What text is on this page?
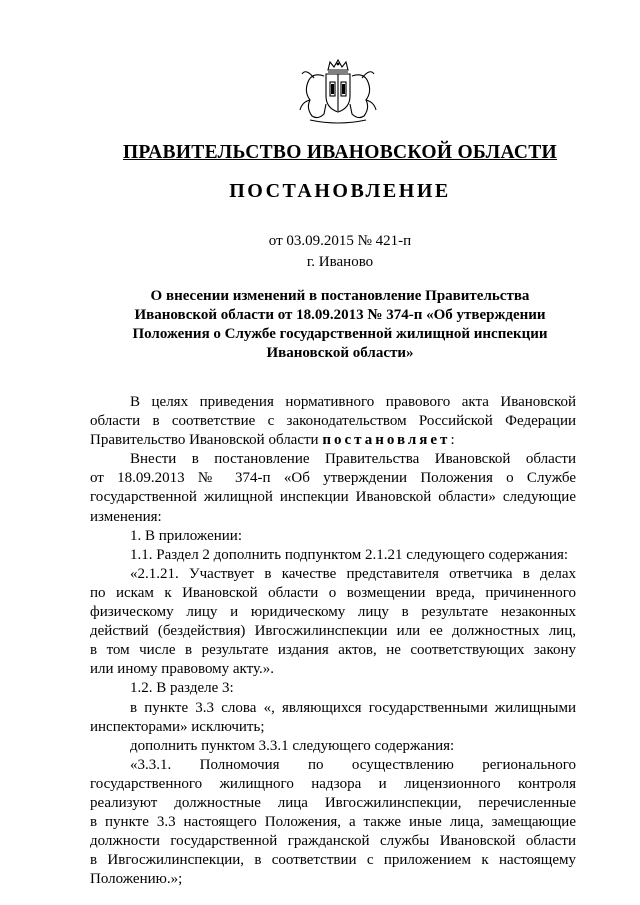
ПРАВИТЕЛЬСТВО ИВАНОВСКОЙ ОБЛАСТИ
ПОСТАНОВЛЕНИЕ
от 03.09.2015 № 421-п
г. Иваново
О внесении изменений в постановление Правительства
Ивановской области от 18.09.2013 № 374-п «Об утверждении
Положения о Службе государственной жилищной инспекции
Ивановской области»
В целях приведения нормативного правового акта Ивановской
области в соответствие с законодательством Российской Федерации
Правительство Ивановской области постановляет:
Внести в постановление Правительства Ивановской области
от 18.09.2013 № 374-п «Об утверждении Положения о Службе
государственной жилищной инспекции Ивановской области» следующие
изменения:
1. В приложении:
1.1. Раздел 2 дополнить подпунктом 2.1.21 следующего содержания:
«2.1.21. Участвует в качестве представителя ответчика в делах
по искам к Ивановской области о возмещении вреда, причиненного
физическому лицу и юридическому лицу в результате незаконных
действий (бездействия) Ивгосжилинспекции или ее должностных лиц,
в том числе в результате издания актов, не соответствующих закону
или иному правовому акту.».
1.2. В разделе 3:
в пункте 3.3 слова «, являющихся государственными жилищными
инспекторами» исключить;
дополнить пунктом 3.3.1 следующего содержания:
«3.3.1. Полномочия по осуществлению регионального
государственного жилищного надзора и лицензионного контроля
реализуют должностные лица Ивгосжилинспекции, перечисленные
в пункте 3.3 настоящего Положения, а также иные лица, замещающие
должности государственной гражданской службы Ивановской области
в Ивгосжилинспекции, в соответствии с приложением к настоящему
Положению.»;
